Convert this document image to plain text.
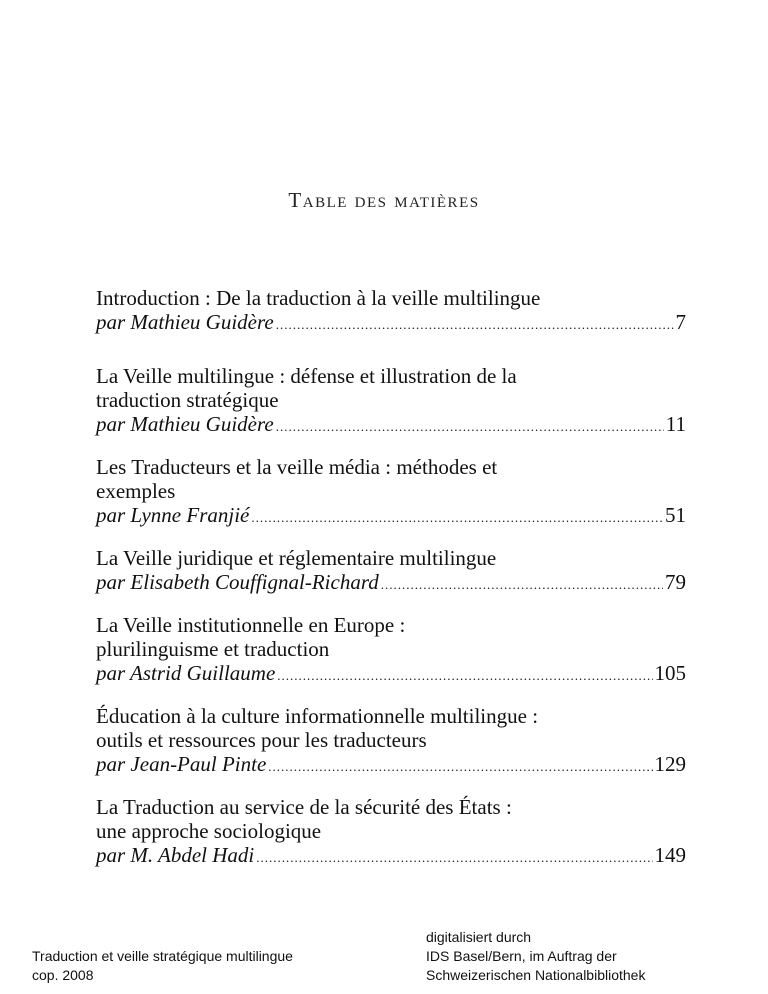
Table des matières
Introduction : De la traduction à la veille multilingue
par Mathieu Guidère .....	7
La Veille multilingue : défense et illustration de la
traduction stratégique
par Mathieu Guidère .....	11
Les Traducteurs et la veille média : méthodes et
exemples
par Lynne Franjié .....	51
La Veille juridique et réglementaire multilingue
par Elisabeth Couffignal-Richard .....	79
La Veille institutionnelle en Europe :
plurilinguisme et traduction
par Astrid Guillaume .....	105
Éducation à la culture informationnelle multilingue :
outils et ressources pour les traducteurs
par Jean-Paul Pinte .....	129
La Traduction au service de la sécurité des États :
une approche sociologique
par M. Abdel Hadi .....	149
Traduction et veille stratégique multilingue
cop. 2008
digitalisiert durch
IDS Basel/Bern, im Auftrag der
Schweizerischen Nationalbibliothek
